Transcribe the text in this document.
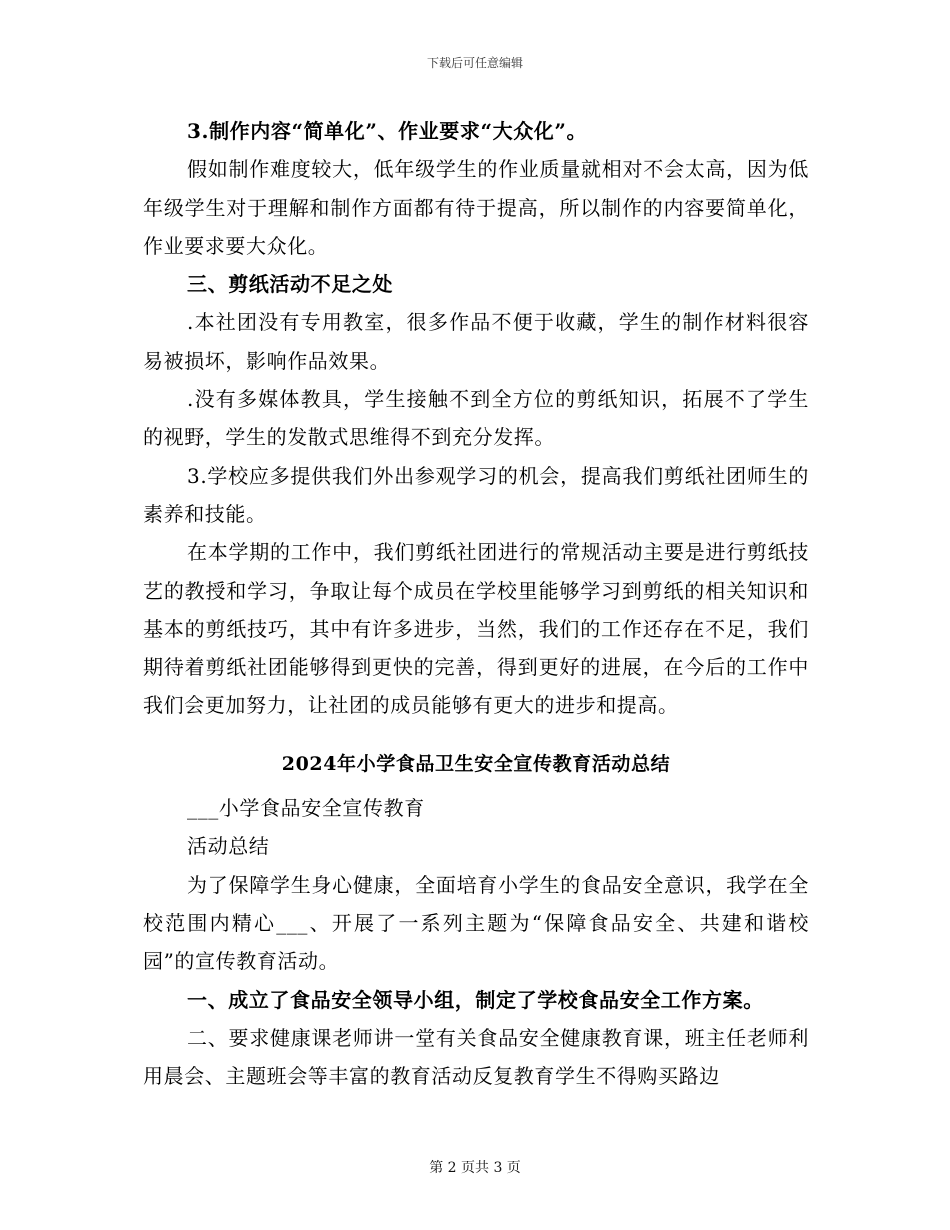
下载后可任意编辑

3.制作内容“简单化”、作业要求“大众化”。

假如制作难度较大，低年级学生的作业质量就相对不会太高，因为低年级学生对于理解和制作方面都有待于提高，所以制作的内容要简单化，作业要求要大众化。

三、剪纸活动不足之处

.本社团没有专用教室，很多作品不便于收藏，学生的制作材料很容易被损坏，影响作品效果。

.没有多媒体教具，学生接触不到全方位的剪纸知识，拓展不了学生的视野，学生的发散式思维得不到充分发挥。

3.学校应多提供我们外出参观学习的机会，提高我们剪纸社团师生的素养和技能。

在本学期的工作中，我们剪纸社团进行的常规活动主要是进行剪纸技艺的教授和学习，争取让每个成员在学校里能够学习到剪纸的相关知识和基本的剪纸技巧，其中有许多进步，当然，我们的工作还存在不足，我们期待着剪纸社团能够得到更快的完善，得到更好的进展，在今后的工作中我们会更加努力，让社团的成员能够有更大的进步和提高。

2024年小学食品卫生安全宣传教育活动总结

___小学食品安全宣传教育

活动总结

为了保障学生身心健康，全面培育小学生的食品安全意识，我学在全校范围内精心___、开展了一系列主题为“保障食品安全、共建和谐校园”的宣传教育活动。

一、成立了食品安全领导小组，制定了学校食品安全工作方案。

二、要求健康课老师讲一堂有关食品安全健康教育课，班主任老师利用晨会、主题班会等丰富的教育活动反复教育学生不得购买路边

第 2 页共 3 页
